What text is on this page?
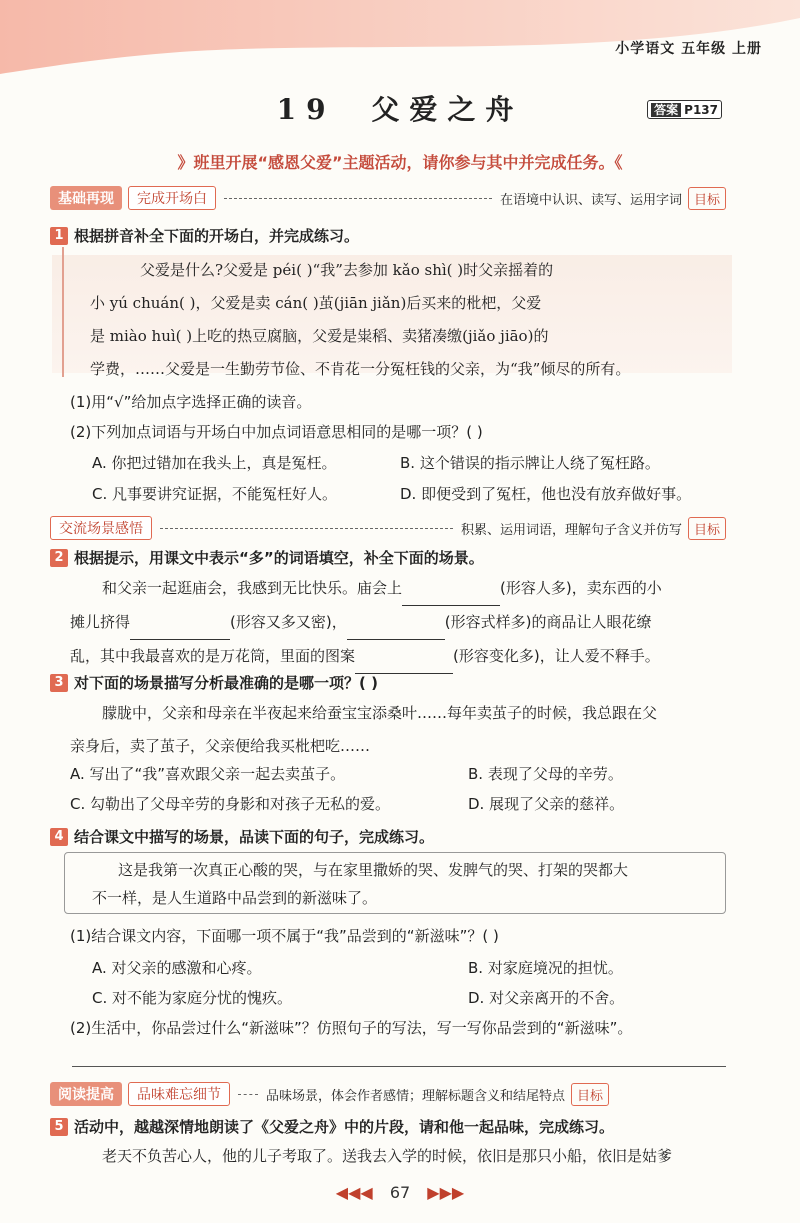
小学语文 五年级 上册
19 父爱之舟	答案 P137
》班里开展“感恩父爱”主题活动，请你参与其中并完成任务。《
基础再现	完成开场白	在语境中认识、读写、运用字词 目标
1 根据拼音补全下面的开场白，并完成练习。
父爱是什么?父爱是 péi( )“我”去参加 kǎo shì( )时父亲摇着的
小 yú chuán( )，父爱是卖 cán( )茧(jiān jiǎn)后买来的枇杷，父爱
是 miào huì( )上吃的热豆腐脑，父爱是粜稻、卖猪凑缴(jiǎo jiāo)的
学费，……父爱是一生勤劳节俭、不肯花一分冤枉钱的父亲，为“我”倾尽的所有。
(1)用“√”给加点字选择正确的读音。
(2)下列加点词语与开场白中加点词语意思相同的是哪一项？( )
A. 你把过错加在我头上，真是冤枉。	B. 这个错误的指示牌让人绕了冤枉路。
C. 凡事要讲究证据，不能冤枉好人。	D. 即便受到了冤枉，他也没有放弃做好事。
交流场景感悟	积累、运用词语，理解句子含义并仿写 目标
2 根据提示，用课文中表示“多”的词语填空，补全下面的场景。
和父亲一起逛庙会，我感到无比快乐。庙会上	(形容人多)，卖东西的小
摊儿挤得	(形容又多又密)，	(形容式样多)的商品让人眼花缭
乱，其中我最喜欢的是万花筒，里面的图案	(形容变化多)，让人爱不释手。
3 对下面的场景描写分析最准确的是哪一项？( )
朦胧中，父亲和母亲在半夜起来给蚕宝宝添桑叶……每年卖茧子的时候，我总跟在父
亲身后，卖了茧子，父亲便给我买枇杷吃……
A. 写出了“我”喜欢跟父亲一起去卖茧子。	B. 表现了父母的辛劳。
C. 勾勒出了父母辛劳的身影和对孩子无私的爱。	D. 展现了父亲的慈祥。
4 结合课文中描写的场景，品读下面的句子，完成练习。
这是我第一次真正心酸的哭，与在家里撒娇的哭、发脾气的哭、打架的哭都大
不一样，是人生道路中品尝到的新滋味了。
(1)结合课文内容，下面哪一项不属于“我”品尝到的“新滋味”？( )
A. 对父亲的感激和心疼。	B. 对家庭境况的担忧。
C. 对不能为家庭分忧的愧疚。	D. 对父亲离开的不舍。
(2)生活中，你品尝过什么“新滋味”？仿照句子的写法，写一写你品尝到的“新滋味”。
阅读提高	品味难忘细节	品味场景，体会作者感情；理解标题含义和结尾特点 目标
5 活动中，越越深情地朗读了《父爱之舟》中的片段，请和他一起品味，完成练习。
老天不负苦心人，他的儿子考取了。送我去入学的时候，依旧是那只小船，依旧是姑爹
◀◀◀ 67 ▶▶▶
